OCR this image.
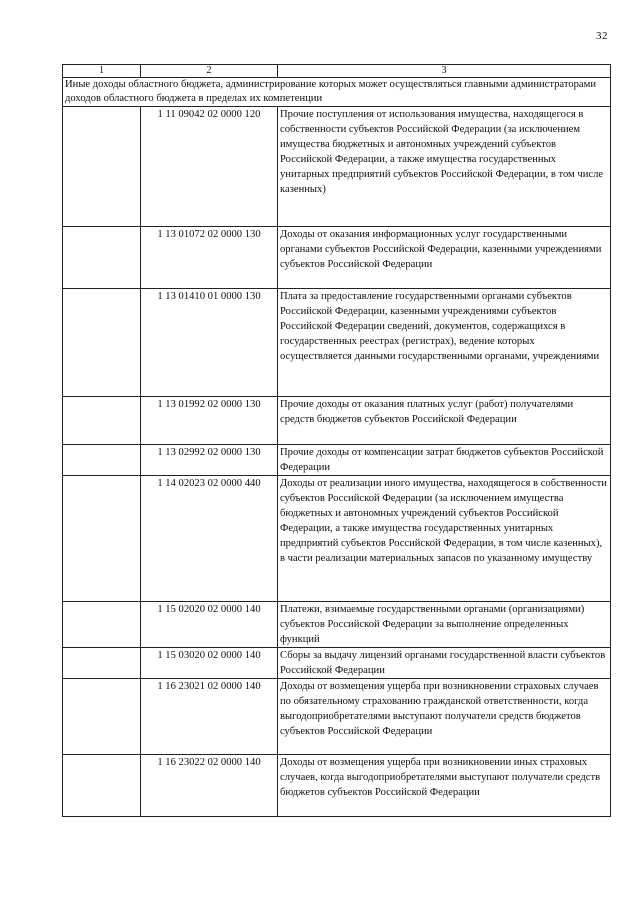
32
1	2	3
Иные доходы областного бюджета, администрирование которых может осуществляться главными администраторами доходов областного бюджета в пределах их компетенции		
	1 11 09042 02 0000 120	Прочие поступления от использования имущества, находящегося в собственности субъектов Российской Федерации (за исключением имущества бюджетных и автономных учреждений субъектов Российской Федерации, а также имущества государственных унитарных предприятий субъектов Российской Федерации, в том числе казенных)
	1 13 01072 02 0000 130	Доходы от оказания информационных услуг государственными органами субъектов Российской Федерации, казенными учреждениями субъектов Российской Федерации
	1 13 01410 01 0000 130	Плата за предоставление государственными органами субъектов Российской Федерации, казенными учреждениями субъектов Российской Федерации сведений, документов, содержащихся в государственных реестрах (регистрах), ведение которых осуществляется данными государственными органами, учреждениями
	1 13 01992 02 0000 130	Прочие доходы от оказания платных услуг (работ) получателями средств бюджетов субъектов Российской Федерации
	1 13 02992 02 0000 130	Прочие доходы от компенсации затрат бюджетов субъектов Российской Федерации
	1 14 02023 02 0000 440	Доходы от реализации иного имущества, находящегося в собственности субъектов Российской Федерации (за исключением имущества бюджетных и автономных учреждений субъектов Российской Федерации, а также имущества государственных унитарных предприятий субъектов Российской Федерации, в том числе казенных), в части реализации материальных запасов по указанному имуществу
	1 15 02020 02 0000 140	Платежи, взимаемые государственными органами (организациями) субъектов Российской Федерации за выполнение определенных функций
	1 15 03020 02 0000 140	Сборы за выдачу лицензий органами государственной власти субъектов Российской Федерации
	1 16 23021 02 0000 140	Доходы от возмещения ущерба при возникновении страховых случаев по обязательному страхованию гражданской ответственности, когда выгодоприобретателями выступают получатели средств бюджетов субъектов Российской Федерации
	1 16 23022 02 0000 140	Доходы от возмещения ущерба при возникновении иных страховых случаев, когда выгодоприобретателями выступают получатели средств бюджетов субъектов Российской Федерации
